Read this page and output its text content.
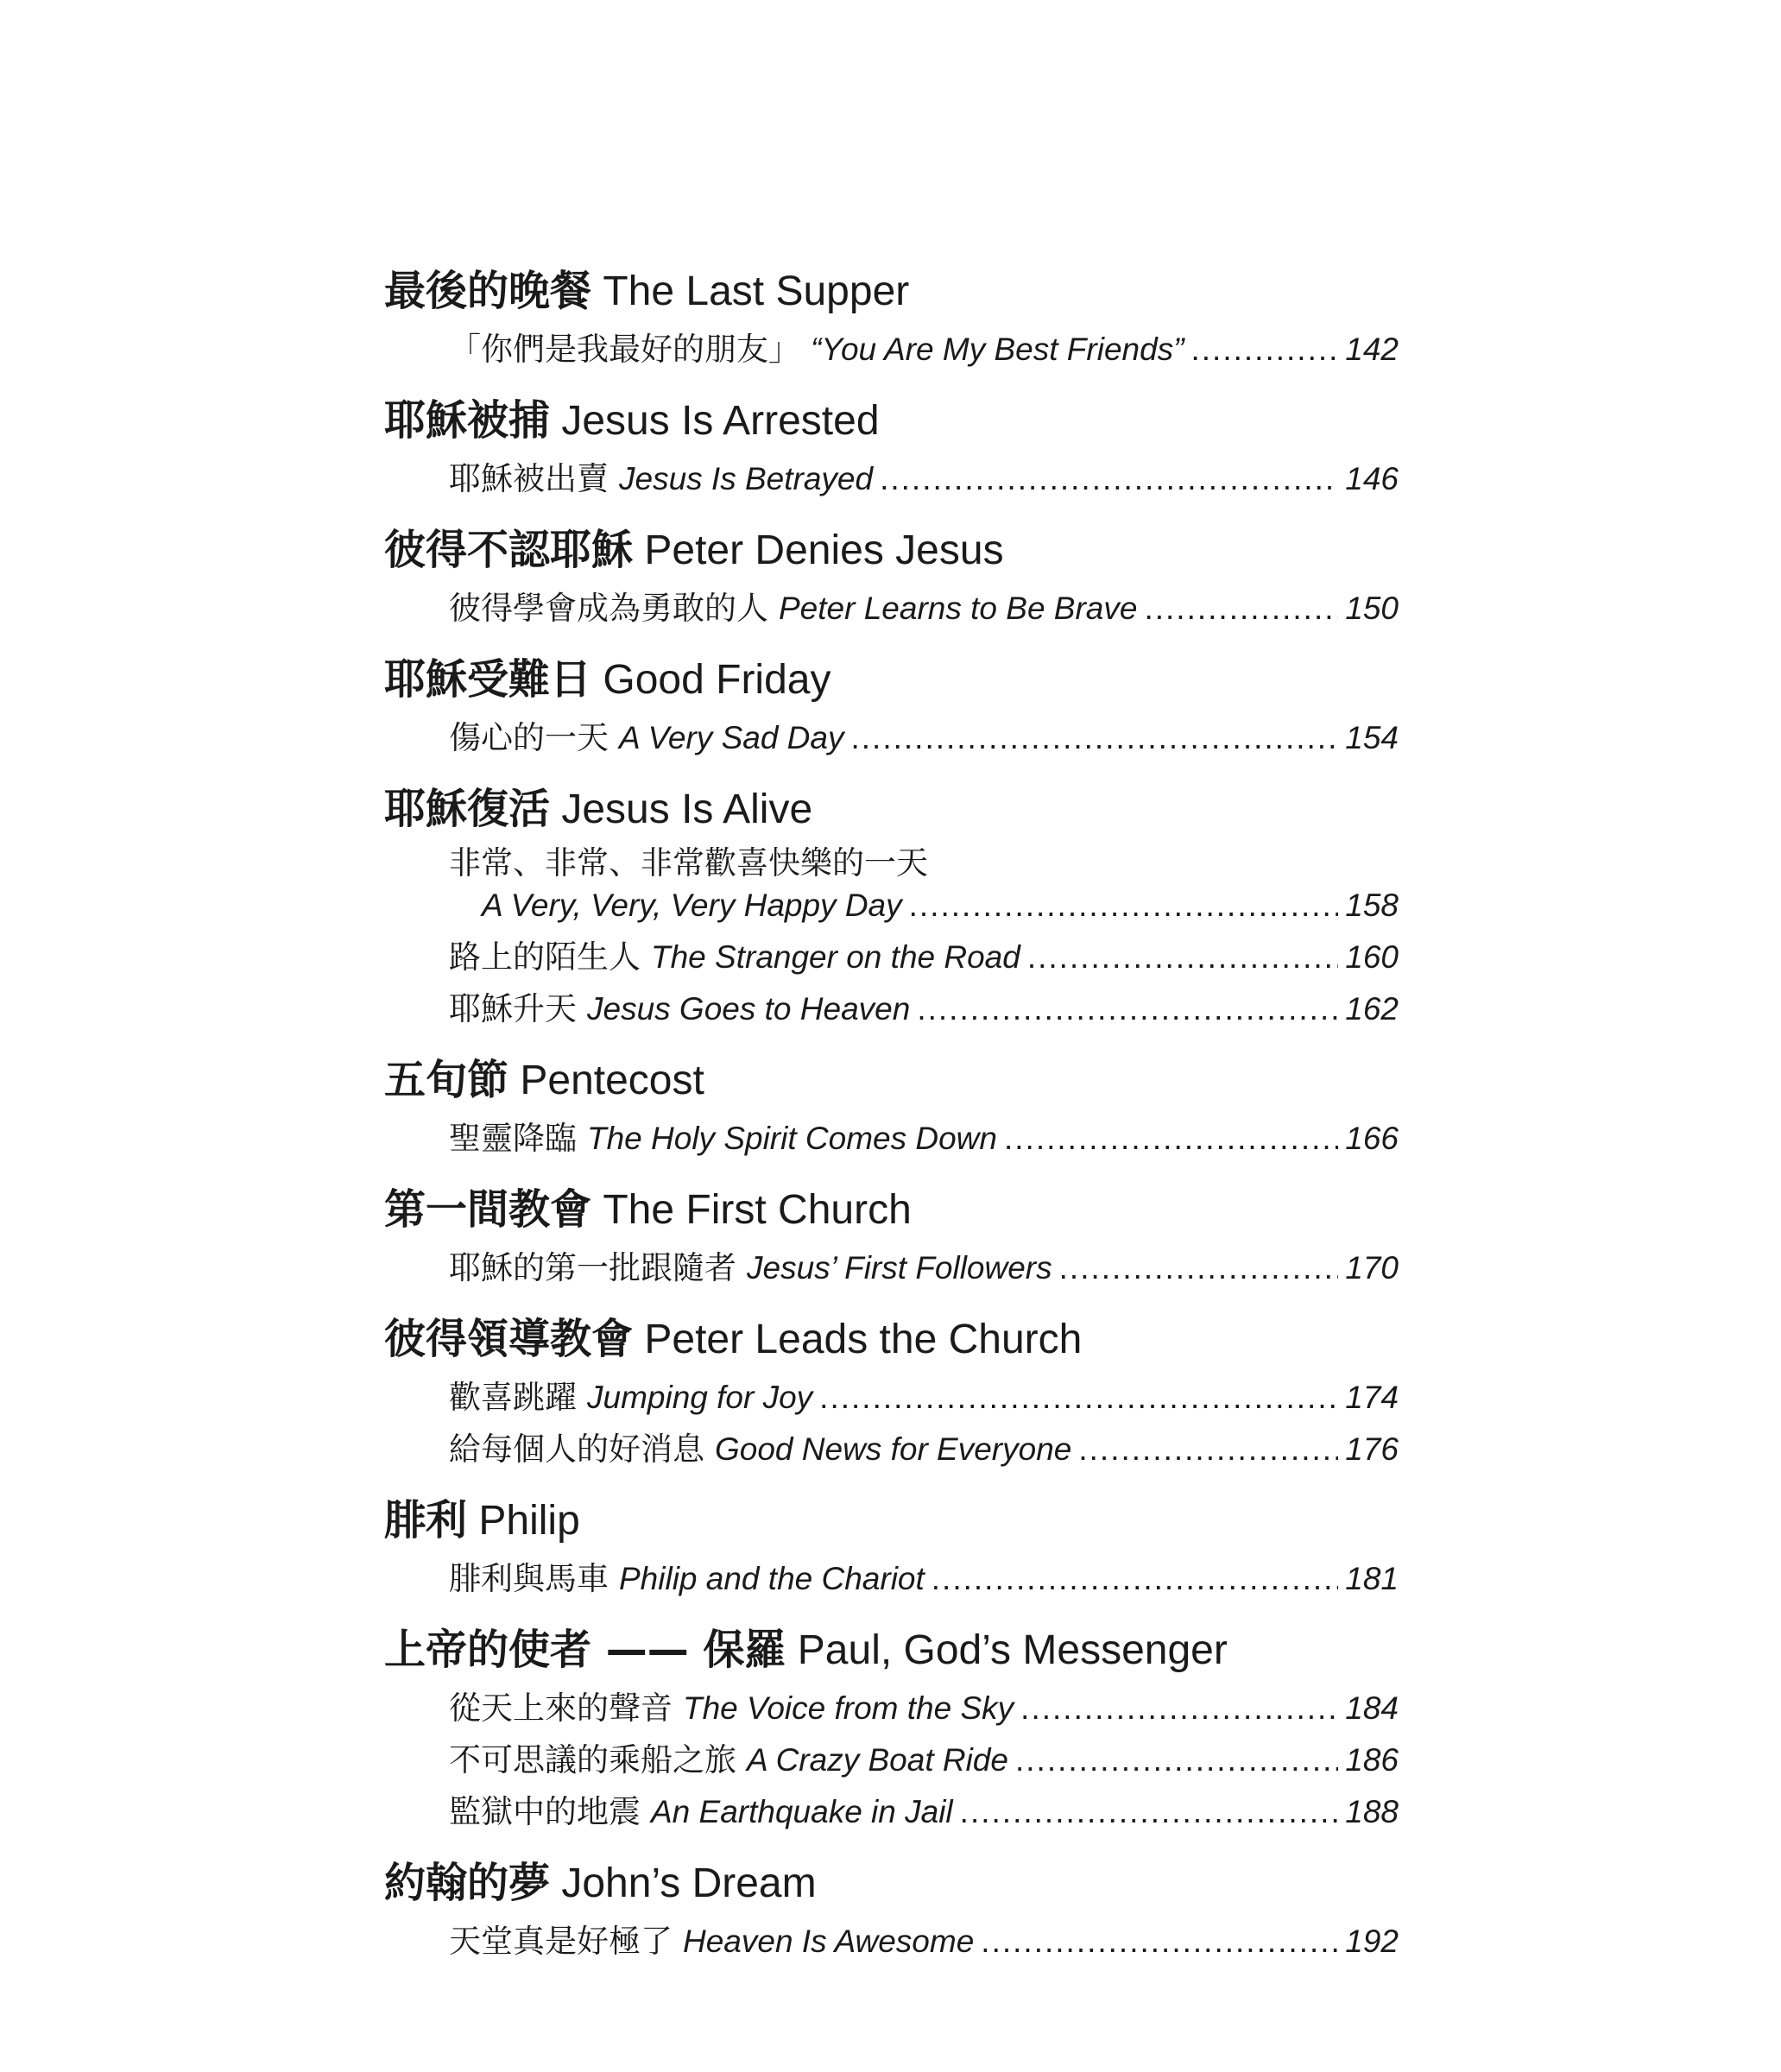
最後的晚餐 The Last Supper
「你們是我最好的朋友」 “You Are My Best Friends” .....	142
耶穌被捕 Jesus Is Arrested
耶穌被出賣 Jesus Is Betrayed .....	146
彼得不認耶穌 Peter Denies Jesus
彼得學會成為勇敢的人 Peter Learns to Be Brave .....	150
耶穌受難日 Good Friday
傷心的一天 A Very Sad Day .....	154
耶穌復活 Jesus Is Alive
非常、非常、非常歡喜快樂的一天
A Very, Very, Very Happy Day .....	158
路上的陌生人 The Stranger on the Road .....	160
耶穌升天 Jesus Goes to Heaven .....	162
五旬節 Pentecost
聖靈降臨 The Holy Spirit Comes Down .....	166
第一間教會 The First Church
耶穌的第一批跟隨者 Jesus’ First Followers .....	170
彼得領導教會 Peter Leads the Church
歡喜跳躍 Jumping for Joy .....	174
給每個人的好消息 Good News for Everyone .....	176
腓利 Philip
腓利與馬車 Philip and the Chariot .....	181
上帝的使者 —— 保羅 Paul, God’s Messenger
從天上來的聲音 The Voice from the Sky .....	184
不可思議的乘船之旅 A Crazy Boat Ride .....	186
監獄中的地震 An Earthquake in Jail .....	188
約翰的夢 John’s Dream
天堂真是好極了 Heaven Is Awesome .....	192
